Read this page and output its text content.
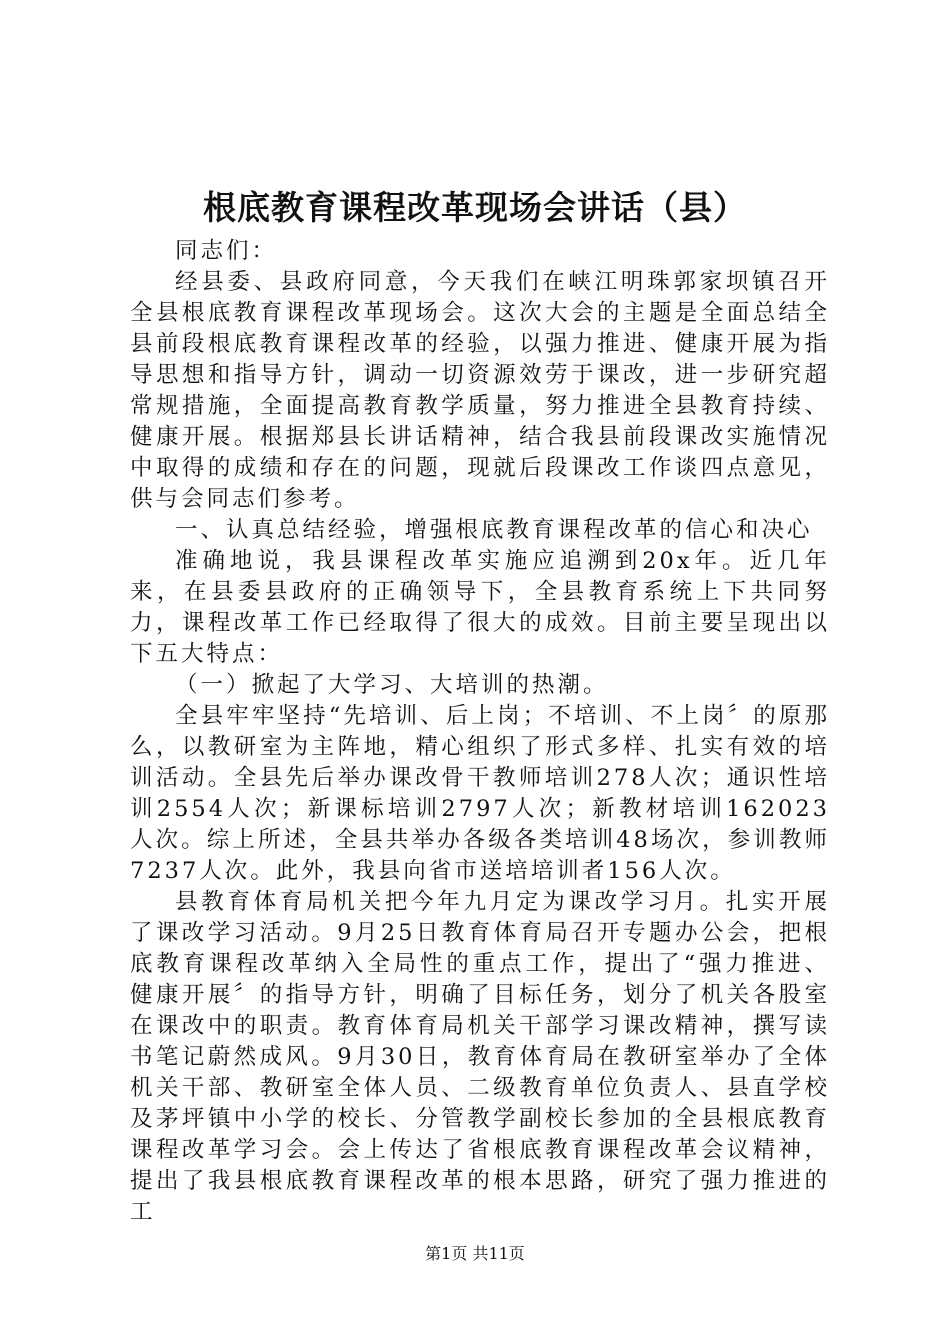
根底教育课程改革现场会讲话（县）

同志们：

经县委、县政府同意，今天我们在峡江明珠郭家坝镇召开全县根底教育课程改革现场会。这次大会的主题是全面总结全县前段根底教育课程改革的经验，以强力推进、健康开展为指导思想和指导方针，调动一切资源效劳于课改，进一步研究超常规措施，全面提高教育教学质量，努力推进全县教育持续、健康开展。根据郑县长讲话精神，结合我县前段课改实施情况中取得的成绩和存在的问题，现就后段课改工作谈四点意见，供与会同志们参考。

一、认真总结经验，增强根底教育课程改革的信心和决心

准确地说，我县课程改革实施应追溯到20x年。近几年来，在县委县政府的正确领导下，全县教育系统上下共同努力，课程改革工作已经取得了很大的成效。目前主要呈现出以下五大特点：

（一）掀起了大学习、大培训的热潮。

全县牢牢坚持“先培训、后上岗；不培训、不上岗〞的原那么，以教研室为主阵地，精心组织了形式多样、扎实有效的培训活动。全县先后举办课改骨干教师培训278人次；通识性培训2554人次；新课标培训2797人次；新教材培训162023人次。综上所述，全县共举办各级各类培训48场次，参训教师7237人次。此外，我县向省市送培培训者156人次。

县教育体育局机关把今年九月定为课改学习月。扎实开展了课改学习活动。9月25日教育体育局召开专题办公会，把根底教育课程改革纳入全局性的重点工作，提出了“强力推进、健康开展〞的指导方针，明确了目标任务，划分了机关各股室在课改中的职责。教育体育局机关干部学习课改精神，撰写读书笔记蔚然成风。9月30日，教育体育局在教研室举办了全体机关干部、教研室全体人员、二级教育单位负责人、县直学校及茅坪镇中小学的校长、分管教学副校长参加的全县根底教育课程改革学习会。会上传达了省根底教育课程改革会议精神，提出了我县根底教育课程改革的根本思路，研究了强力推进的工

第1页 共11页
